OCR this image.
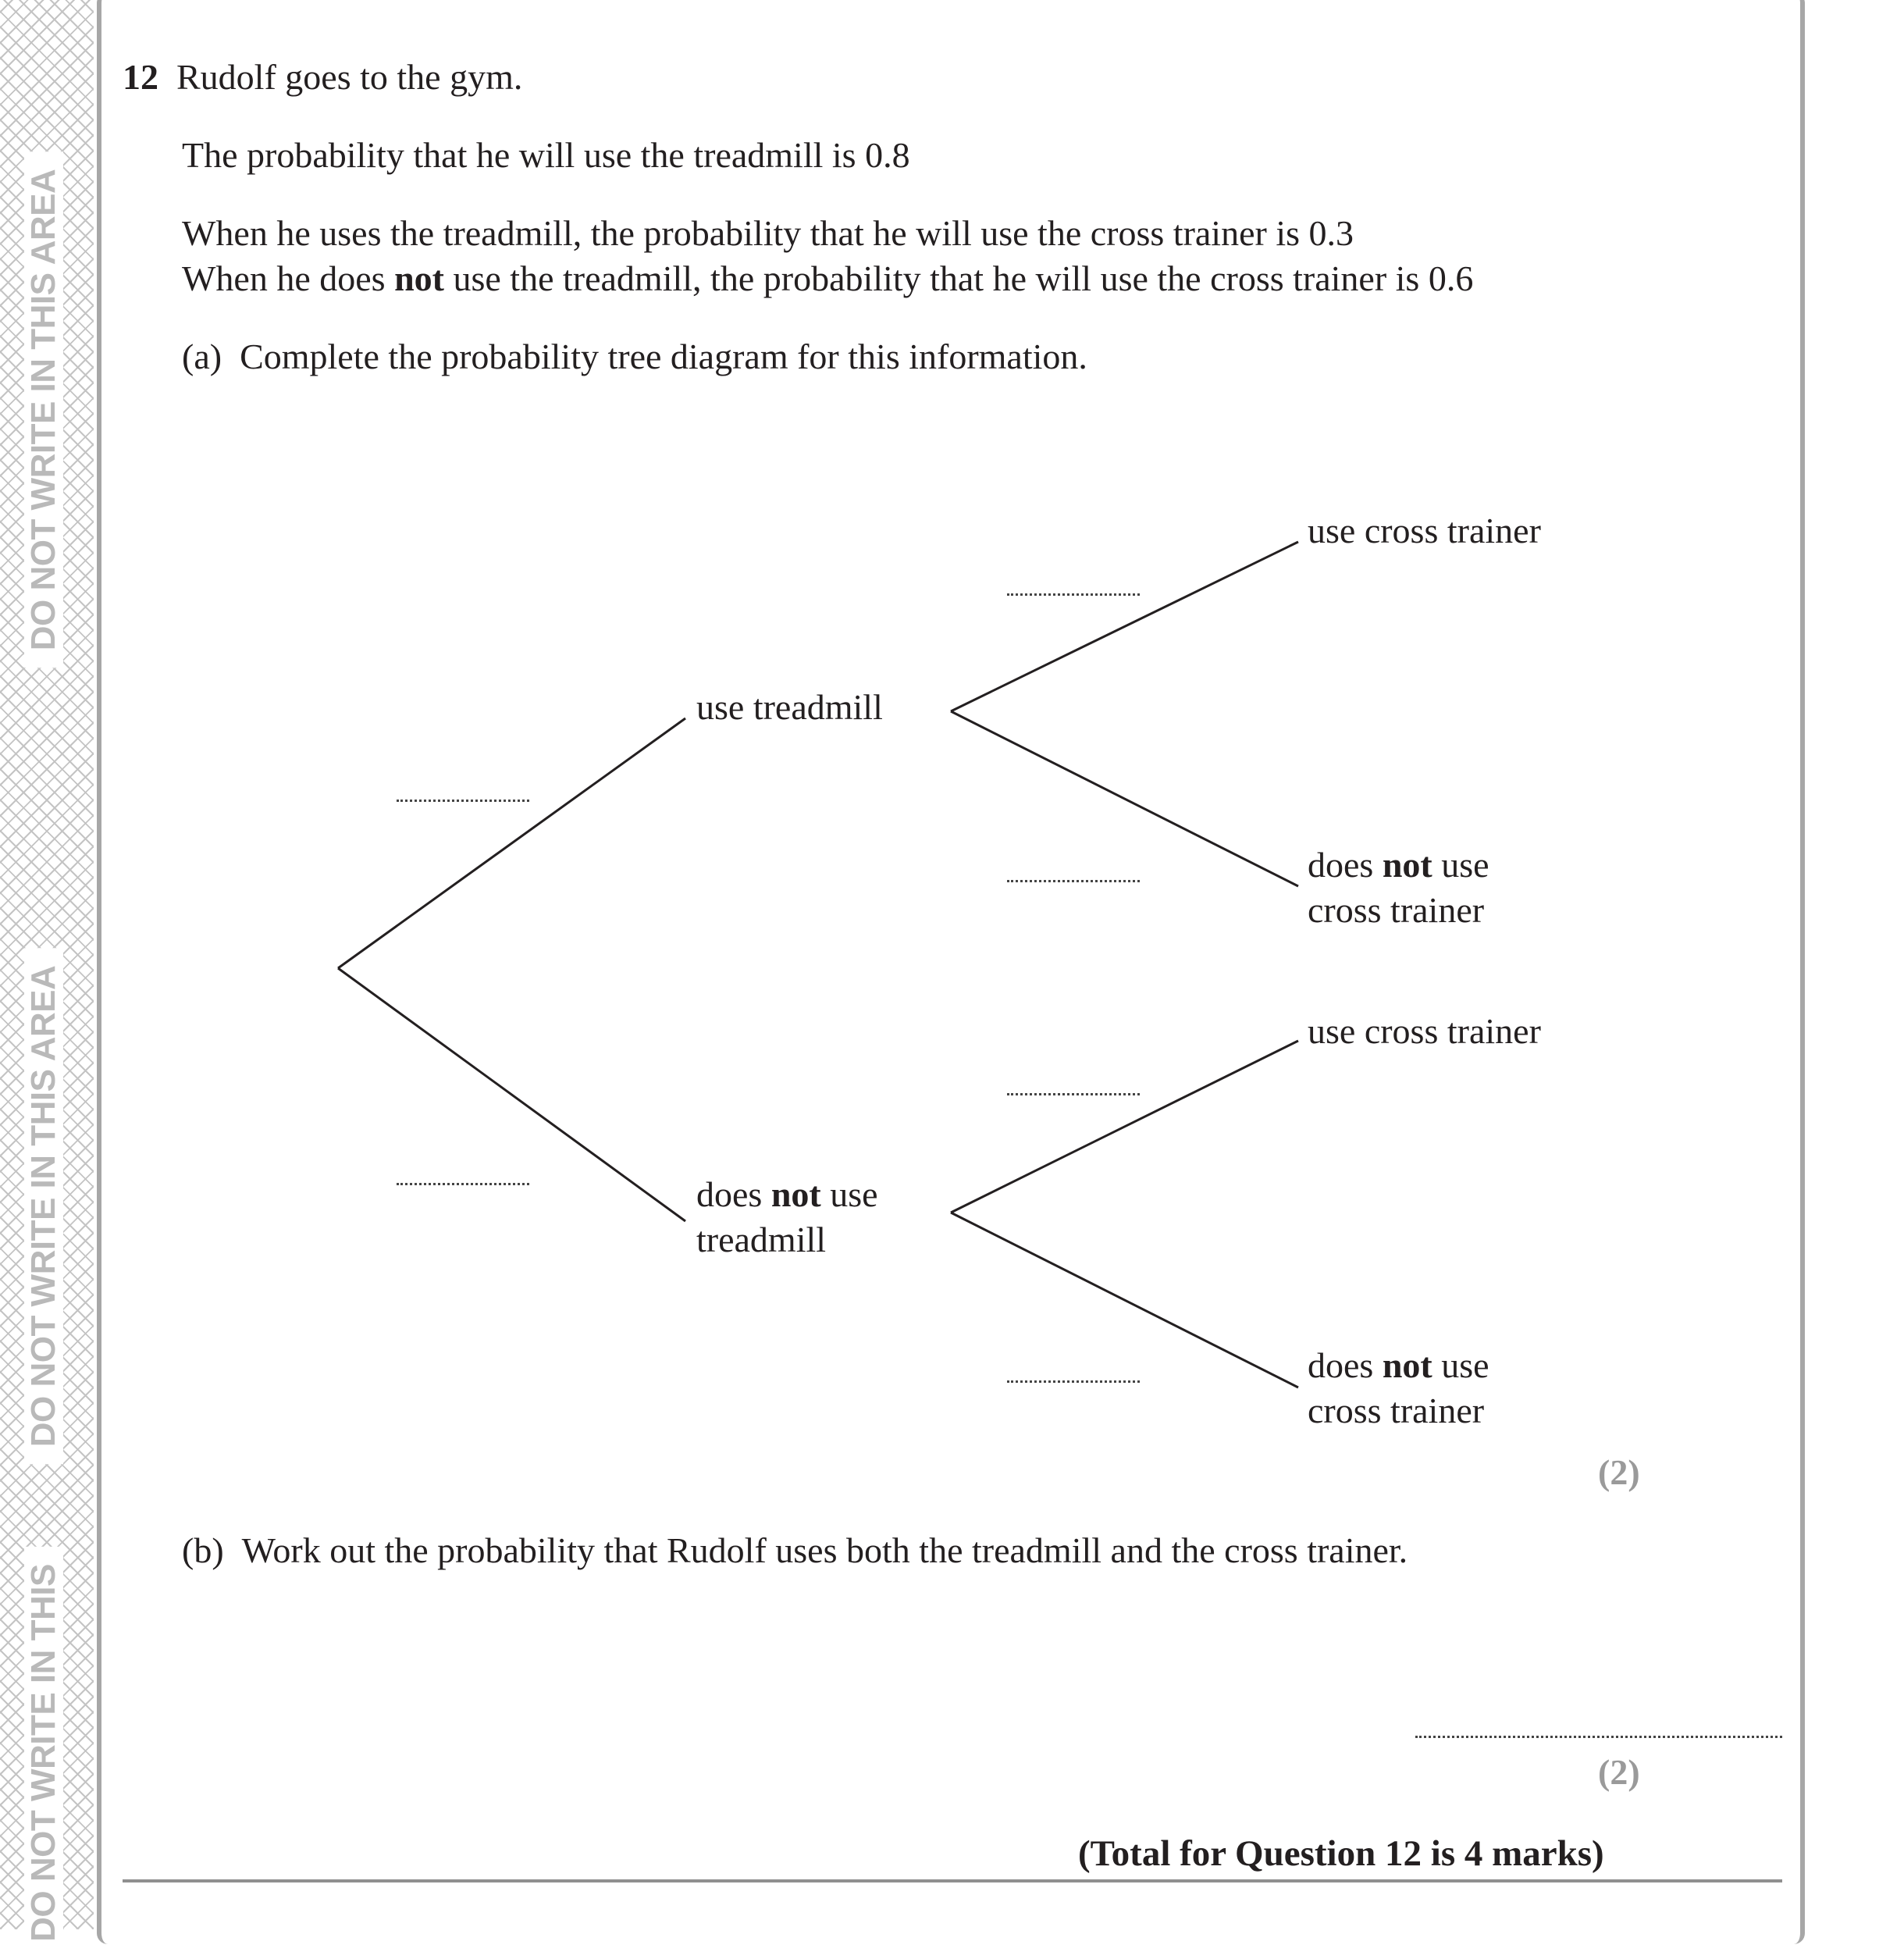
DO NOT WRITE IN THIS AREA
DO NOT WRITE IN THIS AREA
DO NOT WRITE IN THIS
12 Rudolf goes to the gym.
The probability that he will use the treadmill is 0.8
When he uses the treadmill, the probability that he will use the cross trainer is 0.3
When he does not use the treadmill, the probability that he will use the cross trainer is 0.6
(a) Complete the probability tree diagram for this information.
use treadmill
does not use
treadmill
use cross trainer
does not use
cross trainer
use cross trainer
does not use
cross trainer
(2)
(b) Work out the probability that Rudolf uses both the treadmill and the cross trainer.
(2)
(Total for Question 12 is 4 marks)
